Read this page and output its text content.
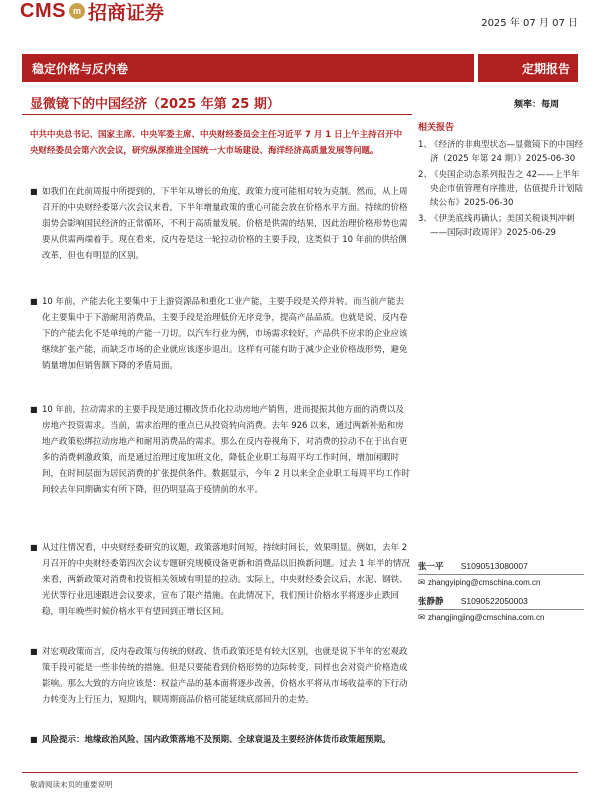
CMS m 招商证券	2025 年 07 月 07 日
稳定价格与反内卷	定期报告
显微镜下的中国经济（2025 年第 25 期）	频率：每周
中共中央总书记、国家主席、中央军委主席、中央财经委员会主任习近平 7 月 1 日上午主持召开中央财经委员会第六次会议，研究纵深推进全国统一大市场建设、海洋经济高质量发展等问题。
■ 如我们在此前周报中所提到的，下半年从增长的角度，政策力度可能相对较为克制。然而，从上周召开的中央财经委第六次会议来看，下半年增量政策的重心可能会放在价格水平方面。持续的价格弱势会影响国民经济的正常循环，不利于高质量发展。价格是供需的结果，因此治理价格形势也需要从供需两端着手。现在看来，反内卷是这一轮拉动价格的主要手段，这类似于 10 年前的供给侧改革，但也有明显的区别。
■ 10 年前，产能去化主要集中于上游资源品和重化工业产能，主要手段是关停并转。而当前产能去化主要集中于下游耐用消费品，主要手段是治理低价无序竞争，提高产品品质。也就是说，反内卷下的产能去化不是单纯的产能一刀切。以汽车行业为例，市场需求较好，产品供不应求的企业应该继续扩张产能，而缺乏市场的企业就应该逐步退出。这样有可能有助于减少企业价格战形势，避免销量增加但销售额下降的矛盾局面。
■ 10 年前，拉动需求的主要手段是通过棚改货币化拉动房地产销售，进而提振其他方面的消费以及房地产投资需求。当前，需求治理的重点已从投资转向消费。去年 926 以来，通过两新补贴和房地产政策松绑拉动房地产和耐用消费品的需求。那么在反内卷视角下，对消费的拉动不在于出台更多的消费刺激政策，而是通过治理过度加班文化，降低企业职工每周平均工作时间，增加闲暇时间，在时间层面为居民消费的扩张提供条件。数据显示，今年 2 月以来全企业职工每周平均工作时间较去年同期确实有所下降，但仍明显高于疫情前的水平。
■ 从过往情况看，中央财经委研究的议题，政策落地时间短，持续时间长，效果明显。例如，去年 2 月召开的中央财经委第四次会议专题研究规模设备更新和消费品以旧换新问题。过去 1 年半的情况来看，两新政策对消费和投资相关领域有明显的拉动。实际上，中央财经委会议后，水泥、钢铁、光伏等行业迅速跟进会议要求，宣布了限产措施。在此情况下，我们预计价格水平将逐步止跌回稳，明年晚些时候价格水平有望回到正增长区间。
■ 对宏观政策而言，反内卷政策与传统的财政、货币政策还是有较大区别，也就是说下半年的宏观政策手段可能是一些非传统的措施。但是只要能看到价格形势的边际转变，同样也会对资产价格造成影响。那么大致的方向应该是：权益产品的基本面将逐步改善，价格水平将从市场收益率的下行动力转变为上行压力，短期内，顺周期商品价格可能延续底部回升的走势。
■ 风险提示：地缘政治风险、国内政策落地不及预期、全球衰退及主要经济体货币政策超预期。
相关报告
1、
《经济的非典型状态—显微镜下的中国经济（2025 年第 24 期）》2025-06-30
2、
《央国企动态系列报告之 42——上半年央企市值管理有序推进，估值提升计划陆续公布》2025-06-30
3、
《伊美底线再确认；美国关税谈判冲刺——国际时政周评》2025-06-29
张一平 S1090513080007
✉ zhangyiping@cmschina.com.cn
张静静 S1090522050003
✉ zhangjingjing@cmschina.com.cn
敬请阅读末页的重要说明
